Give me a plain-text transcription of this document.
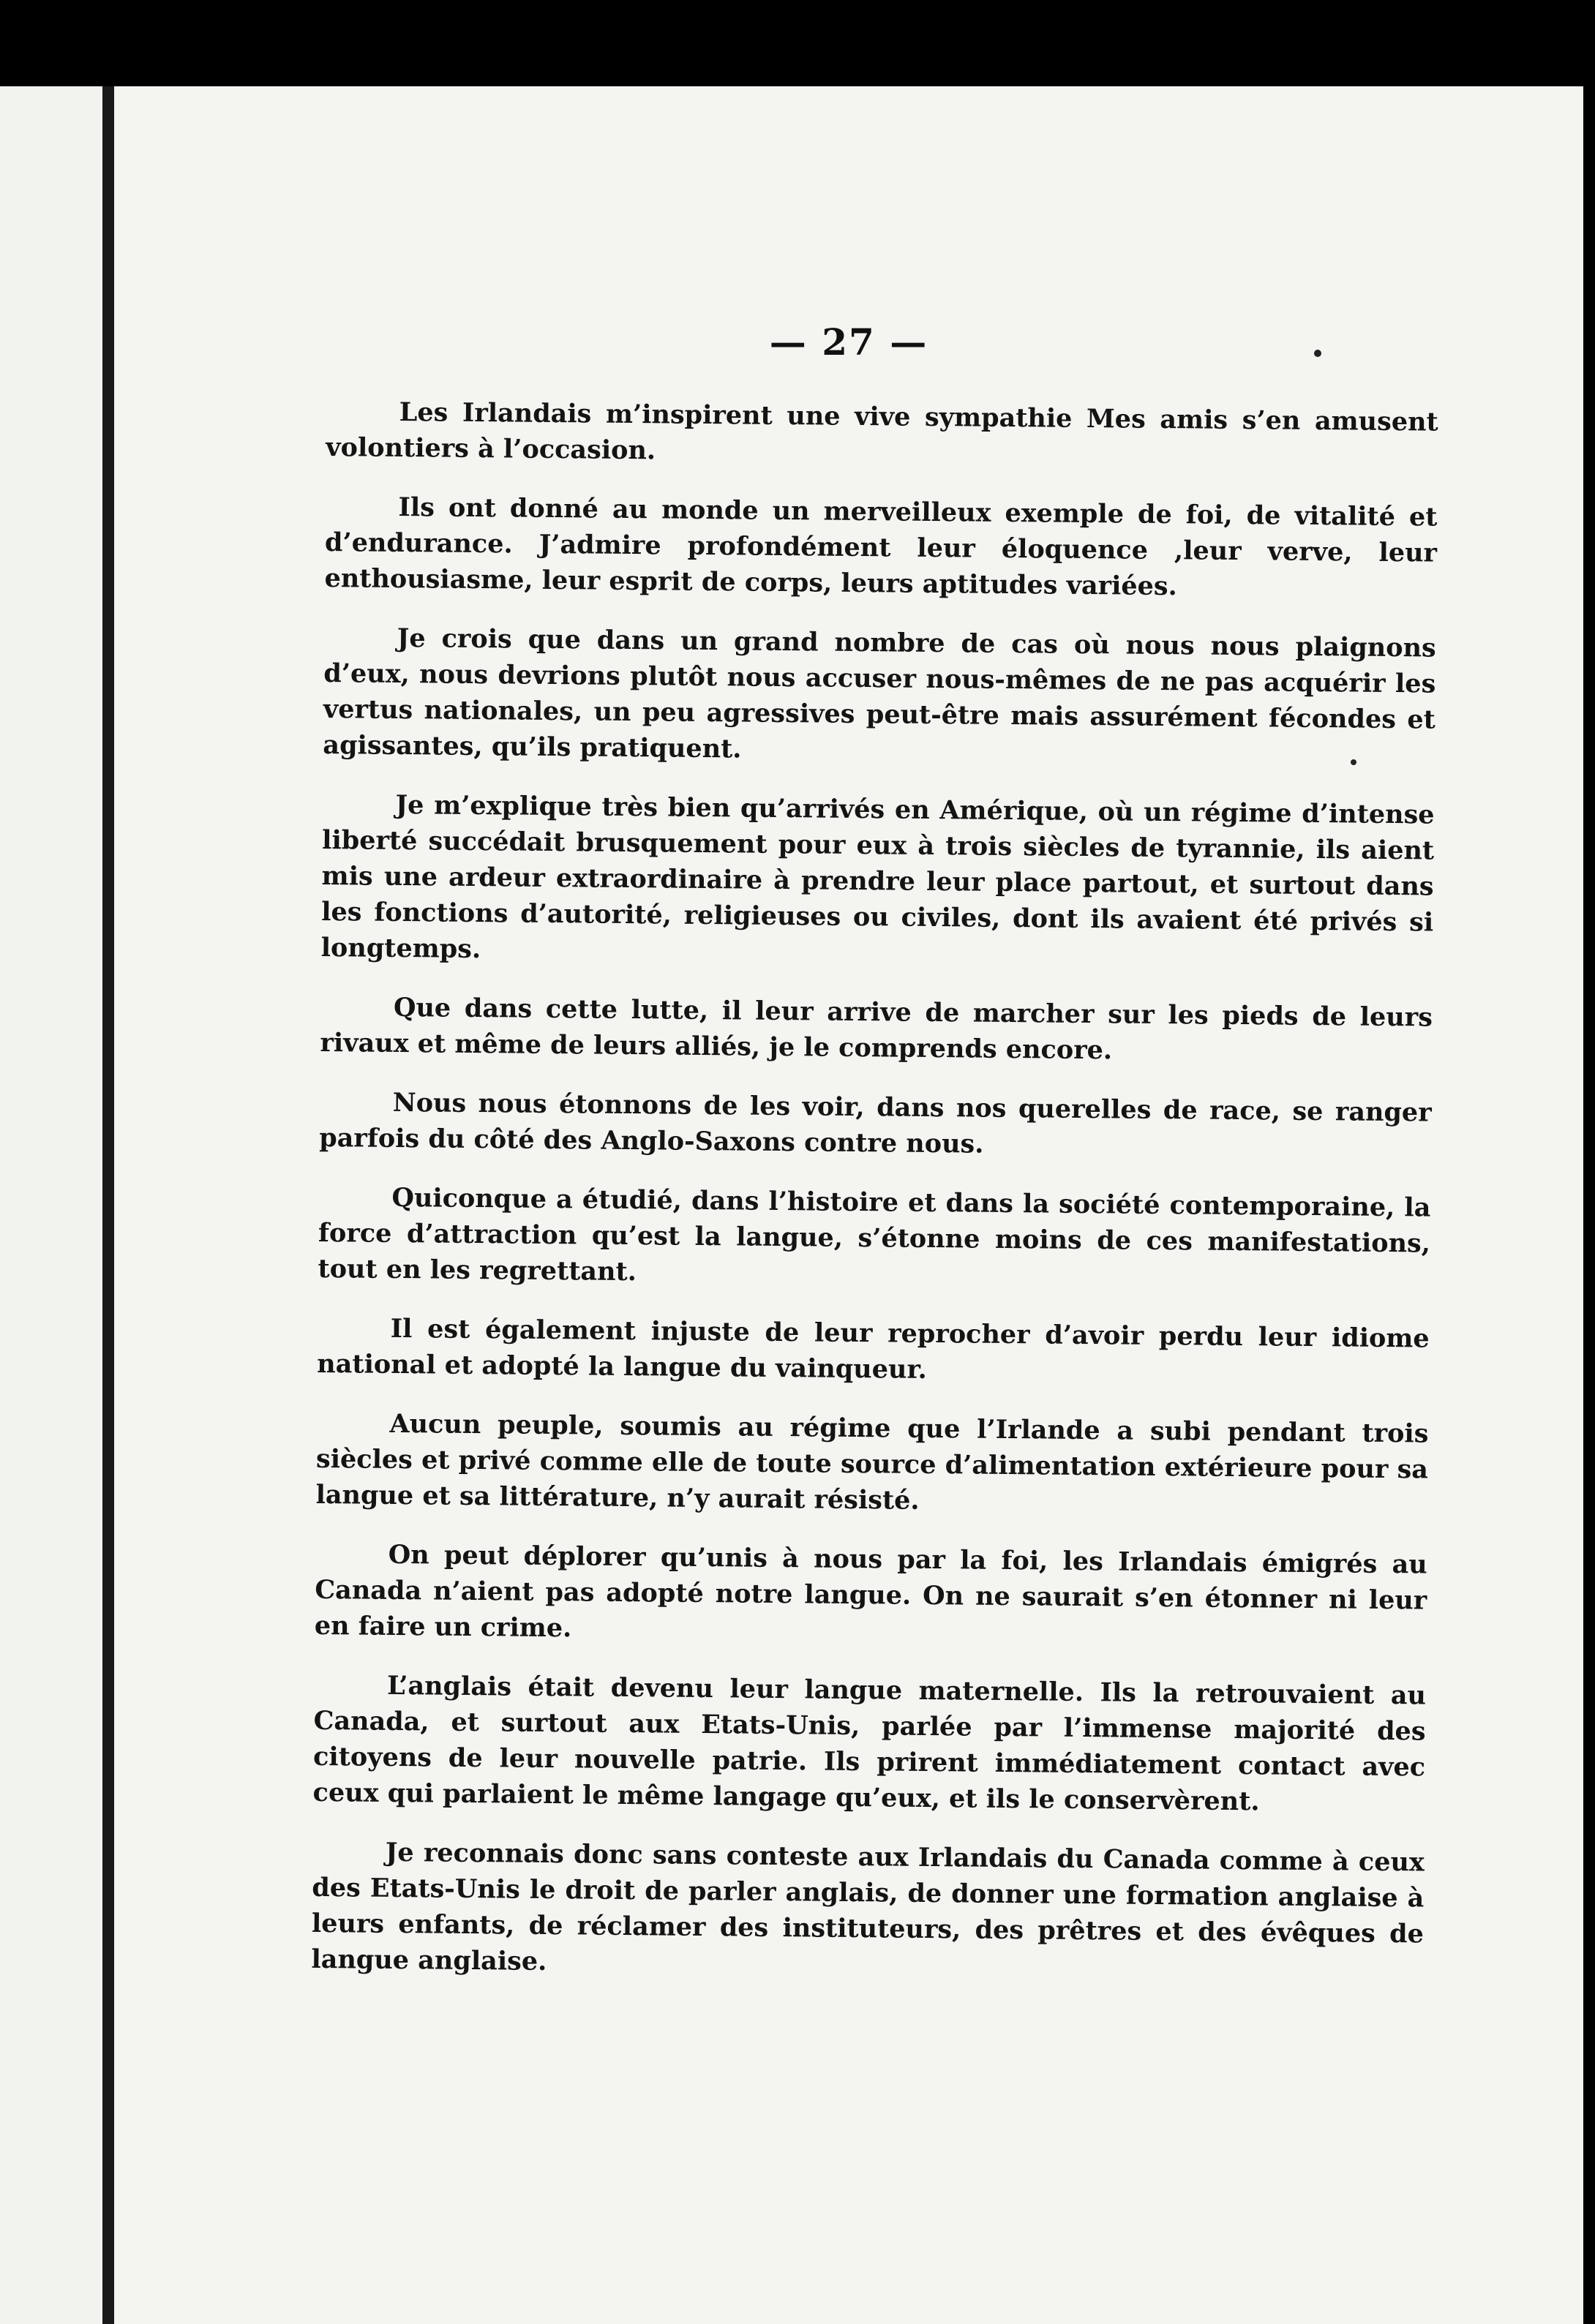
— 27 —

Les Irlandais m’inspirent une vive sympathie Mes amis s’en amusent volontiers à l’occasion.

Ils ont donné au monde un merveilleux exemple de foi, de vitalité et d’endurance. J’admire profondément leur éloquence ,leur verve, leur enthousiasme, leur esprit de corps, leurs aptitudes variées.

Je crois que dans un grand nombre de cas où nous nous plaignons d’eux, nous devrions plutôt nous accuser nous-mêmes de ne pas acquérir les vertus nationales, un peu agressives peut-être mais assurément fécondes et agissantes, qu’ils pratiquent.

Je m’explique très bien qu’arrivés en Amérique, où un régime d’intense liberté succédait brusquement pour eux à trois siècles de tyrannie, ils aient mis une ardeur extraordinaire à prendre leur place partout, et surtout dans les fonctions d’autorité, religieuses ou civiles, dont ils avaient été privés si longtemps.

Que dans cette lutte, il leur arrive de marcher sur les pieds de leurs rivaux et même de leurs alliés, je le comprends encore.

Nous nous étonnons de les voir, dans nos querelles de race, se ranger parfois du côté des Anglo-Saxons contre nous.

Quiconque a étudié, dans l’histoire et dans la société contemporaine, la force d’attraction qu’est la langue, s’étonne moins de ces manifestations, tout en les regrettant.

Il est également injuste de leur reprocher d’avoir perdu leur idiome national et adopté la langue du vainqueur.

Aucun peuple, soumis au régime que l’Irlande a subi pendant trois siècles et privé comme elle de toute source d’alimentation extérieure pour sa langue et sa littérature, n’y aurait résisté.

On peut déplorer qu’unis à nous par la foi, les Irlandais émigrés au Canada n’aient pas adopté notre langue. On ne saurait s’en étonner ni leur en faire un crime.

L’anglais était devenu leur langue maternelle. Ils la retrouvaient au Canada, et surtout aux Etats-Unis, parlée par l’immense majorité des citoyens de leur nouvelle patrie. Ils prirent immédiatement contact avec ceux qui parlaient le même langage qu’eux, et ils le conservèrent.

Je reconnais donc sans conteste aux Irlandais du Canada comme à ceux des Etats-Unis le droit de parler anglais, de donner une formation anglaise à leurs enfants, de réclamer des instituteurs, des prêtres et des évêques de langue anglaise.
